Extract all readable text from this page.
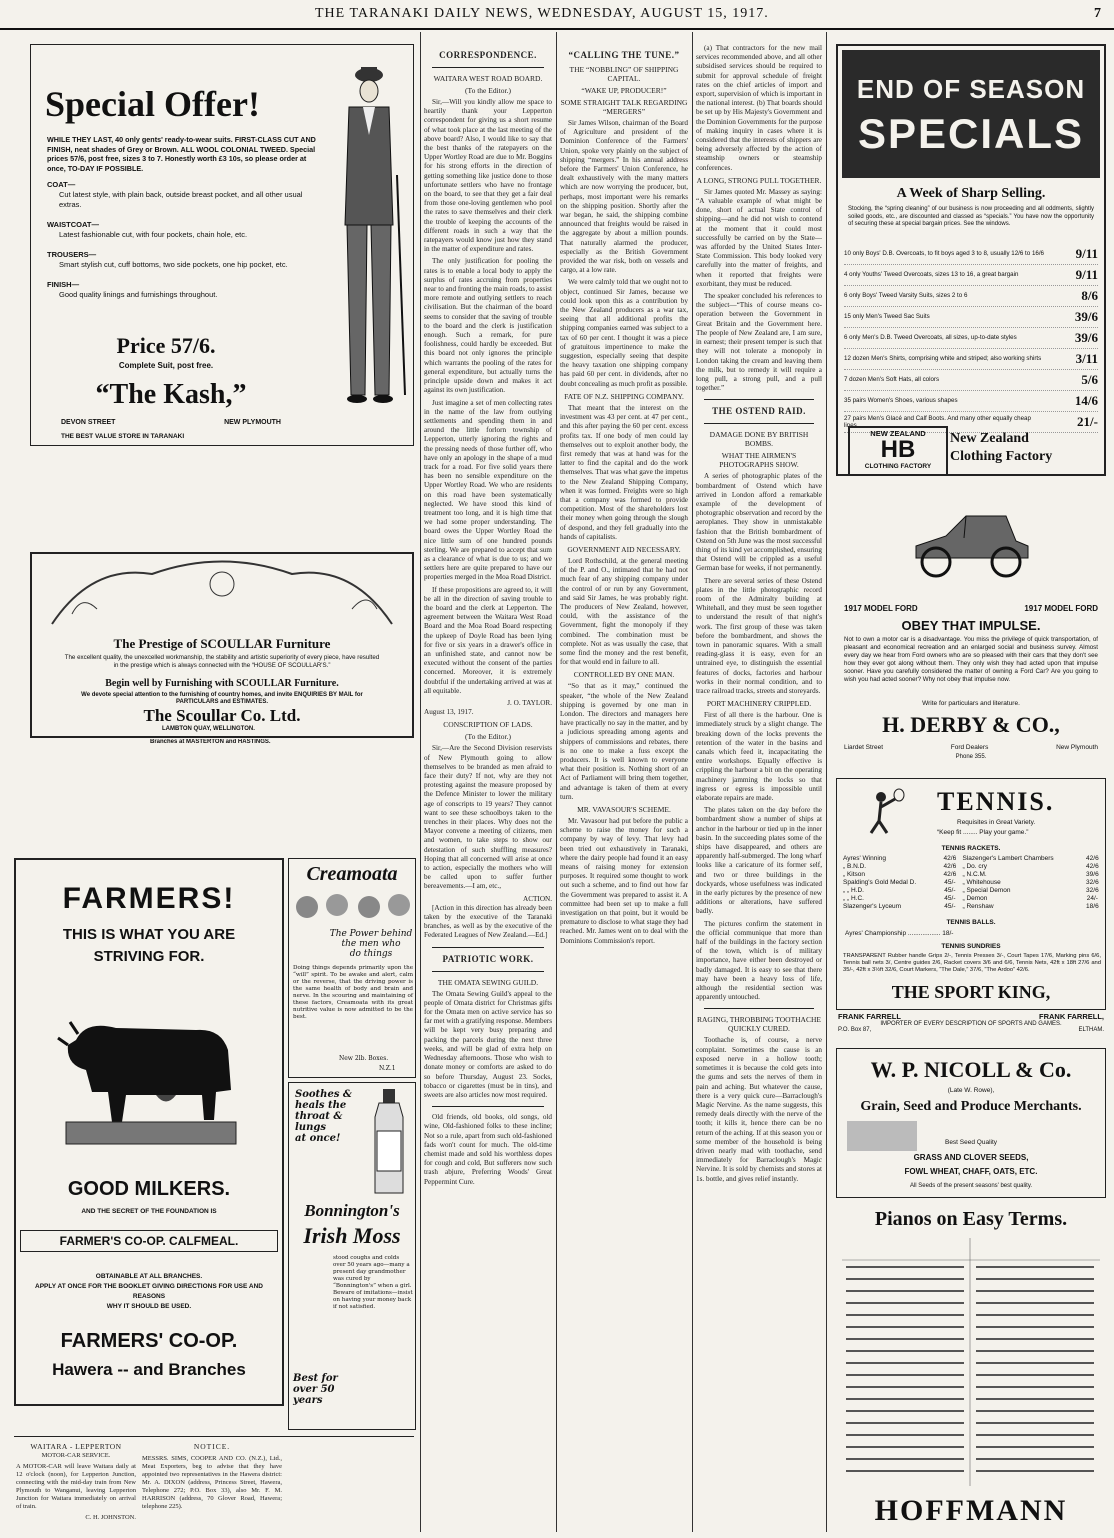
THE TARANAKI DAILY NEWS, WEDNESDAY, AUGUST 15, 1917.	7
Special Offer!
WHILE THEY LAST, 40 only gents' ready-to-wear suits. FIRST-CLASS CUT AND FINISH, neat shades of Grey or Brown. ALL WOOL COLONIAL TWEED. Special prices 57/6, post free, sizes 3 to 7. Honestly worth £3 10s, so please order at once, TO-DAY IF POSSIBLE.
COAT—
Cut latest style, with plain back, outside breast pocket, and all other usual extras.
WAISTCOAT—
Latest fashionable cut, with four pockets, chain hole, etc.
TROUSERS—
Smart stylish cut, cuff bottoms, two side pockets, one hip pocket, etc.
FINISH—
Good quality linings and furnishings throughout.
Price 57/6.
Complete Suit, post free.
“The Kash,”
DEVON STREET	NEW PLYMOUTH
THE BEST VALUE STORE IN TARANAKI
The Prestige of SCOULLAR Furniture
The excellent quality, the unexcelled workmanship, the stability and artistic superiority of every piece, have resulted in the prestige which is always connected with the “HOUSE OF SCOULLAR'S.”
Begin well by Furnishing with SCOULLAR Furniture.
We devote special attention to the furnishing of country homes, and invite ENQUIRIES BY MAIL for PARTICULARS and ESTIMATES.
The Scoullar Co. Ltd.
LAMBTON QUAY, WELLINGTON.
Branches at MASTERTON and HASTINGS.
FARMERS!
THIS IS WHAT YOU ARE
STRIVING FOR.
GOOD MILKERS.
AND THE SECRET OF THE FOUNDATION IS
FARMER'S CO-OP. CALFMEAL.
OBTAINABLE AT ALL BRANCHES.
APPLY AT ONCE FOR THE BOOKLET GIVING DIRECTIONS FOR USE AND REASONS
WHY IT SHOULD BE USED.
FARMERS' CO-OP.
Hawera -- and Branches
Creamoata
The Power behind
the men who
do things
Doing things depends primarily upon the “will” spirit. To be awake and alert, calm or the reverse, that the driving power is the same health of body and brain and nerve. In the scouring and maintaining of these factors, Creamoata with its great nutritive value is now admitted to be the best.
New 2lb. Boxes.
N.Z.1
Soothes &
heals the
throat & lungs
at once!
Bonnington's
Irish Moss
stood coughs and colds over 50 years ago—many a present day grandmother was cured by “Bonnington's” when a girl. Beware of imitations—insist on having your money back if not satisfied.
Best for over 50 years
WAITARA - LEPPERTON
MOTOR-CAR SERVICE.
A MOTOR-CAR will leave Waitara daily at 12 o'clock (noon), for Lepperton Junction, connecting with the mid-day train from New Plymouth to Wanganui, leaving Lepperton Junction for Waitara immediately on arrival of train.
C. H. JOHNSTON.
NOTICE.
MESSRS. SIMS, COOPER AND CO. (N.Z.), Ltd., Meat Exporters, beg to advise that they have appointed two representatives in the Hawera district: Mr. A. DIXON (address, Princess Street, Hawera, Telephone 272; P.O. Box 33), also Mr. F. M. HARRISON (address, 70 Glover Road, Hawera; telephone 225).
CORRESPONDENCE.
WAITARA WEST ROAD BOARD.
(To the Editor.)

Sir,—Will you kindly allow me space to heartily thank your Lepperton correspondent for giving us a short resume of what took place at the last meeting of the above board? Also, I would like to say that the best thanks of the ratepayers on the Upper Wortley Road are due to Mr. Boggins for his strong efforts in the direction of getting something like justice done to those unfortunate settlers who have no frontage on the board, to see that they get a fair deal from those one-loving gentlemen who pool the rates to save themselves and their clerk the trouble of keeping the accounts of the different roads in such a way that the ratepayers would know just how they stand in the matter of expenditure and rates.

The only justification for pooling the rates is to enable a local body to apply the surplus of rates accruing from properties near to and fronting the main roads, to assist more remote and outlying settlers to reach civilisation. But the chairman of the board seems to consider that the saving of trouble to the board and the clerk is justification enough. Such a remark, for pure foolishness, could hardly be exceeded. But this board not only ignores the principle which warrants the pooling of the rates for general expenditure, but actually turns the principle upside down and makes it act against its own justification.

Just imagine a set of men collecting rates in the name of the law from outlying settlements and spending them in and around the little forlorn township of Lepperton, utterly ignoring the rights and the pressing needs of those further off, who have only an apology in the shape of a mud track for a road. For five solid years there has been no sensible expenditure on the Upper Wortley Road. We who are residents on this road have been systematically neglected. We have stood this kind of treatment too long, and it is high time that we had some proper understanding. The board owes the Upper Wortley Road the nice little sum of one hundred pounds sterling. We are prepared to accept that sum as a clearance of what is due to us; and we settlers here are quite prepared to have our properties merged in the Moa Road District.

If these propositions are agreed to, it will be all in the direction of saving trouble to the board and the clerk at Lepperton. The agreement between the Waitara West Road Board and the Moa Road Board respecting the upkeep of Doyle Road has been lying for five or six years in a drawer's office in an unfinished state, and cannot now be executed without the consent of the parties concerned. Moreover, it is extremely doubtful if the undertaking arrived at was at all equitable.

J. O. TAYLOR.
August 13, 1917.
CONSCRIPTION OF LADS.
(To the Editor.)

Sir,—Are the Second Division reservists of New Plymouth going to allow themselves to be branded as men afraid to face their duty? If not, why are they not protesting against the measure proposed by the Defence Minister to lower the military age of conscripts to 19 years? They cannot want to see these schoolboys taken to the trenches in their places. Why does not the Mayor convene a meeting of citizens, men and women, to take steps to show our detestation of such shuffling measures? Hoping that all concerned will arise at once to action, especially the mothers who will be called upon to suffer further bereavements.—I am, etc.,

ACTION.

[Action in this direction has already been taken by the executive of the Taranaki branches, as well as by the executive of the Federated Leagues of New Zealand.—Ed.]

PATRIOTIC WORK.
THE OMATA SEWING GUILD.

The Omata Sewing Guild's appeal to the people of Omata district for Christmas gifts for the Omata men on active service has so far met with a gratifying response. Members will be kept very busy preparing and packing the parcels during the next three weeks, and will be glad of extra help on Wednesday afternoons. Those who wish to donate money or comforts are asked to do so before Thursday, August 23. Socks, tobacco or cigarettes (must be in tins), and sweets are also articles now most required.

Old friends, old books, old songs, old wine, Old-fashioned folks to these incline; Not so a rule, apart from such old-fashioned fads won't count for much. The old-time chemist made and sold his worthless dopes for cough and cold, But sufferers now such trash abjure, Preferring Woods' Great Peppermint Cure.

“CALLING THE TUNE.”
THE “NOBBLING” OF SHIPPING CAPITAL.
“WAKE UP, PRODUCER!”
SOME STRAIGHT TALK REGARDING “MERGERS”

Sir James Wilson, chairman of the Board of Agriculture and president of the Dominion Conference of the Farmers' Union, spoke very plainly on the subject of shipping “mergers.” In his annual address before the Farmers' Union Conference, he dealt exhaustively with the many matters which are now worrying the producer, but, perhaps, most important were his remarks on the shipping position. Shortly after the war began, he said, the shipping combine announced that freights would be raised in the aggregate by about a million pounds. That naturally alarmed the producer, especially as the British Government provided the war risk, both on vessels and cargo, at a low rate.

We were calmly told that we ought not to object, continued Sir James, because we could look upon this as a contribution by the New Zealand producers as a war tax, seeing that all additional profits the shipping companies earned was subject to a tax of 60 per cent. I thought it was a piece of gratuitous impertinence to make the suggestion, especially seeing that despite the heavy taxation one shipping company has paid 60 per cent. in dividends, after no doubt concealing as much profit as possible.

FATE OF N.Z. SHIPPING COMPANY.

That meant that the interest on the investment was 43 per cent. at 47 per cent., and this after paying the 60 per cent. excess profits tax. If one body of men could lay themselves out to exploit another body, the first remedy that was at hand was for the latter to find the capital and do the work themselves. That was what gave the impetus to the New Zealand Shipping Company, when it was formed. Freights were so high that a company was formed to provide competition. Most of the shareholders lost their money when going through the slough of despond, and they fell gradually into the hands of capitalists.

GOVERNMENT AID NECESSARY.

Lord Rothschild, at the general meeting of the P. and O., intimated that he had not much fear of any shipping company under the control of or run by any Government, and said Sir James, he was probably right. The producers of New Zealand, however, could, with the assistance of the Government, fight the monopoly if they combined. The combination must be complete. Not as was usually the case, that some find the money and the rest benefit, for that would end in failure to all.

CONTROLLED BY ONE MAN.

“So that as it may,” continued the speaker, “the whole of the New Zealand shipping is governed by one man in London. The directors and managers here have practically no say in the matter, and by a judicious spreading among agents and shippers of commissions and rebates, there is no one to make a fuss except the producers. It is well known to everyone what their position is. Nothing short of an Act of Parliament will bring them together, and advantage is taken of them at every turn.

MR. VAVASOUR'S SCHEME.

Mr. Vavasour had put before the public a scheme to raise the money for such a company by way of levy. That levy had been tried out exhaustively in Taranaki, where the dairy people had found it an easy means of raising money for extension purposes. It required some thought to work out such a scheme, and to find out how far the Government was prepared to assist it. A committee had been set up to make a full investigation on that point, but it would be premature to disclose to what stage they had reached. Mr. James went on to deal with the Dominions Commission's report.

(a) That contractors for the new mail services recommended above, and all other subsidised services should be required to submit for approval schedule of freight rates on the chief articles of import and export, supervision of which is important in the national interest. (b) That boards should be set up by His Majesty's Government and the Dominion Governments for the purpose of making inquiry in cases where it is considered that the interests of shippers are being adversely affected by the action of steamship owners or steamship conferences.

A LONG, STRONG PULL TOGETHER.

Sir James quoted Mr. Massey as saying: “A valuable example of what might be done, short of actual State control of shipping—and he did not wish to contend at the moment that it could most successfully be carried on by the State—was afforded by the United States Inter-State Commission. This body looked very carefully into the matter of freights, and when it reported that freights were exorbitant, they must be reduced.

The speaker concluded his references to the subject—“This of course means co-operation between the Government in Great Britain and the Government here. The people of New Zealand are, I am sure, in earnest; their present temper is such that they will not tolerate a monopoly in London taking the cream and leaving them the milk, but to remedy it will require a long pull, a strong pull, and a pull together.”

THE OSTEND RAID.
DAMAGE DONE BY BRITISH BOMBS.
WHAT THE AIRMEN'S PHOTOGRAPHS SHOW.

A series of photographic plates of the bombardment of Ostend which have arrived in London afford a remarkable example of the development of photographic observation and record by the aeroplanes. They show in unmistakable fashion that the British bombardment of Ostend on 5th June was the most successful thing of its kind yet accomplished, ensuring that Ostend will be crippled as a useful German base for weeks, if not permanently.

There are several series of these Ostend plates in the little photographic record room of the Admiralty building at Whitehall, and they must be seen together to understand the result of that night's work. The first group of these was taken before the bombardment, and shows the town in panoramic squares. With a small reading-glass it is easy, even for an untrained eye, to distinguish the essential features of docks, factories and harbour works in their normal condition, and to trace railroad tracks, streets and storeyards.

PORT MACHINERY CRIPPLED.

First of all there is the harbour. One is immediately struck by a slight change. The breaking down of the locks prevents the retention of the water in the basins and canals which feed it, incapacitating the entire workshops. Equally effective is crippling the harbour a bit on the operating machinery jamming the locks so that ingress or egress is impossible until elaborate repairs are made.

The plates taken on the day before the bombardment show a number of ships at anchor in the harbour or tied up in the inner basin. In the succeeding plates some of the ships have disappeared, and others are apparently half-submerged. The long wharf looks like a caricature of its former self, and two or three buildings in the dockyards, whose usefulness was indicated in the early pictures by the presence of new additions or alterations, have suffered badly.

The pictures confirm the statement in the official communique that more than half of the buildings in the factory section of the town, which is of military importance, have either been destroyed or badly damaged. It is easy to see that there may have been a heavy loss of life, although the residential section was apparently untouched.

RAGING, THROBBING TOOTHACHE QUICKLY CURED.

Toothache is, of course, a nerve complaint. Sometimes the cause is an exposed nerve in a hollow tooth; sometimes it is because the cold gets into the gums and sets the nerves of them in pain and aching. But whatever the cause, there is a very quick cure—Barraclough's Magic Nervine. As the name suggests, this remedy deals directly with the nerve of the tooth; it kills it, hence there can be no return of the aching. If at this season you or some member of the household is being driven nearly mad with toothache, send immediately for Barraclough's Magic Nervine. It is sold by chemists and stores at 1s. bottle, and gives relief instantly.

END OF SEASON
SPECIALS
A Week of Sharp Selling.
Stocking, the “spring cleaning” of our business is now proceeding and all oddments, slightly soiled goods, etc., are discounted and classed as “specials.” You have now the opportunity of securing these at special bargain prices. See the windows.
10 only Boys' D.B. Overcoats, to fit boys aged 3 to 8, usually 12/6 to 16/6 9/11
4 only Youths' Tweed Overcoats, sizes 13 to 16, a great bargain	9/11
6 only Boys' Tweed Varsity Suits, sizes 2 to 6	8/6
15 only Men's Tweed Sac Suits	39/6
6 only Men's D.B. Tweed Overcoats, all sizes, up-to-date styles	39/6
12 dozen Men's Shirts, comprising white and striped; also working shirts	3/11
7 dozen Men's Soft Hats, all colors	5/6
35 pairs Women's Shoes, various shapes	14/6
27 pairs Men's Glacé and Calf Boots. And many other equally cheap lines.	21/-
NEW ZEALAND
HB
CLOTHING FACTORY
New Zealand
Clothing Factory
1917 MODEL FORD	1917 MODEL FORD
OBEY THAT IMPULSE.
Not to own a motor car is a disadvantage. You miss the privilege of quick transportation, of pleasant and economical recreation and an enlarged social and business survey. Almost every day we hear from Ford owners who are so pleased with their cars that they don't see how they ever got along without them. They only wish they had acted upon that impulse sooner. Have you carefully considered the matter of owning a Ford Car? Are you going to wish you had acted sooner? Why not obey that impulse now.
Write for particulars and literature.
H. DERBY & CO.,
Liardet Street	Ford Dealers	New Plymouth
Phone 355.
TENNIS.
Requisites in Great Variety.
“Keep fit ........ Play your game.”
TENNIS RACKETS.
Ayres' Winning	42/6	Slazenger's Lambert Chambers	42/6
„ B.N.D.	42/6	„ Do. cry	42/6
„ Kitson	42/6	„ N.C.M.	39/6
Spalding's Gold Medal D.	45/-	„ Whitehouse	32/6
„ „ H.D.	45/-	„ Special Demon	32/6
„ „ H.C.	45/-	„ Demon	24/-
Slazenger's Lyceum	45/-	„ Renshaw	18/6
TENNIS BALLS.
Ayres' Championship .................. 18/-
TENNIS SUNDRIES
TRANSPARENT Rubber handle Grips 2/-, Tennis Presses 3/-, Court Tapes 17/6, Marking pins 6/6, Tennis ball nets 3/, Centre guides 2/6, Racket covers 3/6 and 6/6, Tennis Nets, 42ft x 18ft 27/6 and 35/-, 42ft x 3½ft 32/6, Court Markers, “The Dale,” 37/6, “The Ardoo” 42/6.
THE SPORT KING,
FRANK FARRELL	FRANK FARRELL,
IMPORTER OF EVERY DESCRIPTION OF SPORTS AND GAMES.
P.O. Box 87,	ELTHAM.
W. P. NICOLL & Co.
(Late W. Rowe),
Grain, Seed and Produce Merchants.
Best Seed Quality
GRASS AND CLOVER SEEDS,
FOWL WHEAT, CHAFF, OATS, ETC.
All Seeds of the present seasons' best quality.
Pianos on Easy Terms.
HOFFMANN
